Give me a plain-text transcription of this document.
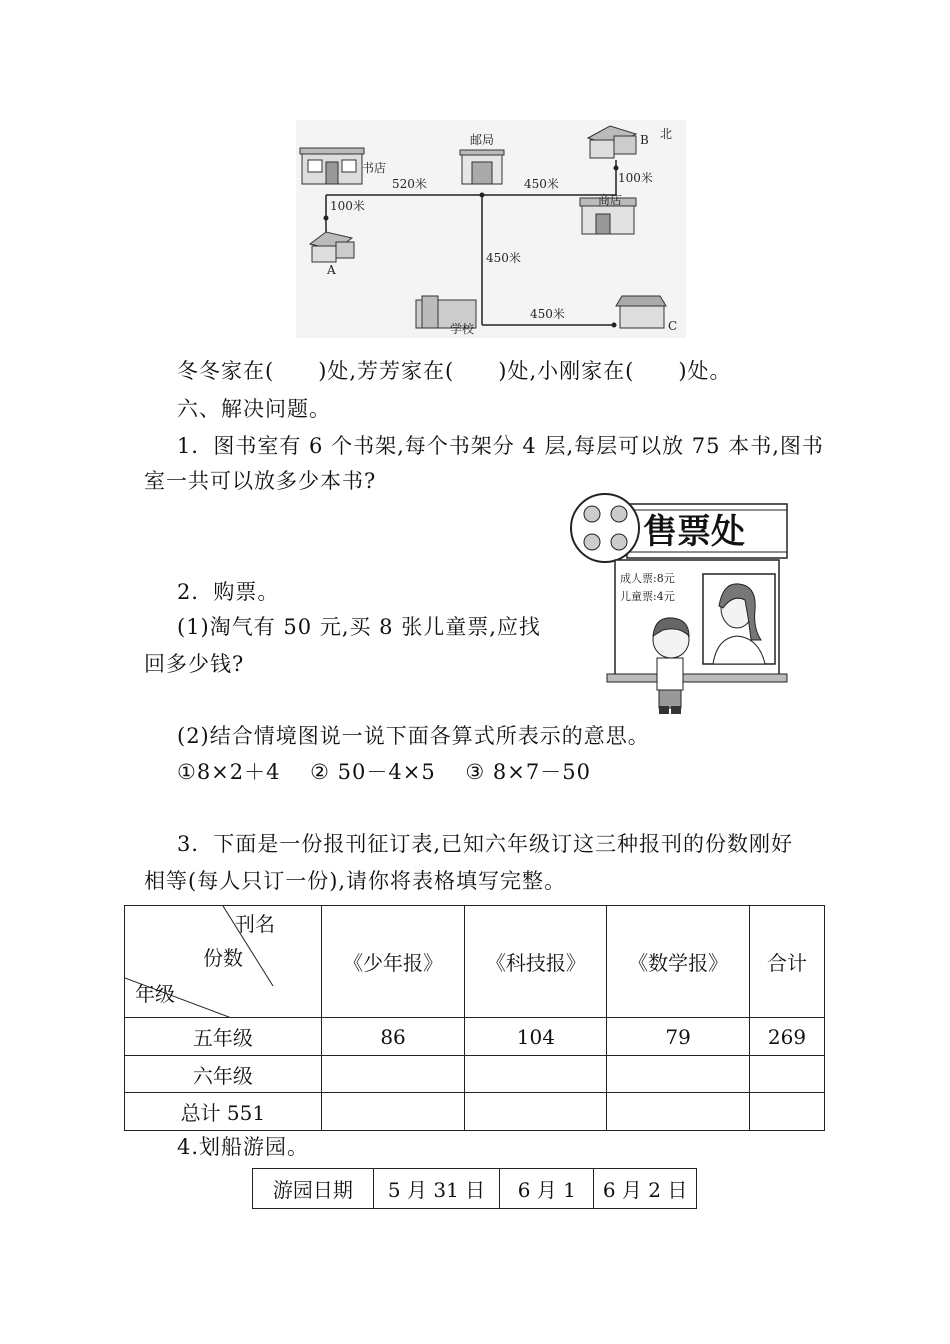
邮局
书店
商店
学校
北
B
A
C
520米	450米	100米
100米
450米
450米
冬冬家在(　　)处,芳芳家在(　　)处,小刚家在(　　)处。
六、解决问题。
1．图书室有 6 个书架,每个书架分 4 层,每层可以放 75 本书,图书
室一共可以放多少本书?
2．购票。
(1)淘气有 50 元,买 8 张儿童票,应找
回多少钱?
售票处
成人票:8元
儿童票:4元
(2)结合情境图说一说下面各算式所表示的意思。
①8×2＋4　 ② 50－4×5　 ③ 8×7－50
3．下面是一份报刊征订表,已知六年级订这三种报刊的份数刚好
相等(每人只订一份),请你将表格填写完整。
刊名
份数
年级	《少年报》	《科技报》	《数学报》	合计
五年级	86	104	79	269
六年级				
总计 551				
4.划船游园。
游园日期	5 月 31 日	6 月 1	6 月 2 日
